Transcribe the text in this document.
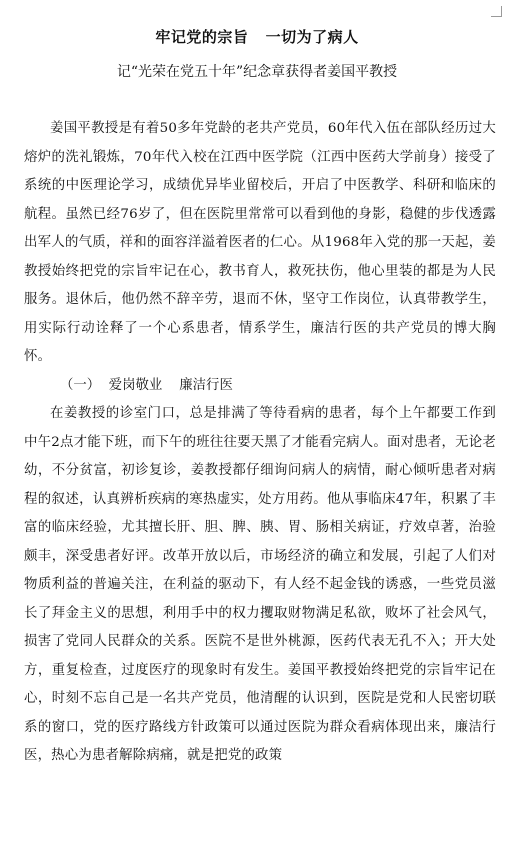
牢记党的宗旨   一切为了病人
记“光荣在党五十年”纪念章获得者姜国平教授

姜国平教授是有着50多年党龄的老共产党员，60年代入伍在部队经历过大熔炉的洗礼锻炼，70年代入校在江西中医学院（江西中医药大学前身）接受了系统的中医理论学习，成绩优异毕业留校后，开启了中医教学、科研和临床的航程。虽然已经76岁了，但在医院里常常可以看到他的身影，稳健的步伐透露出军人的气质，祥和的面容洋溢着医者的仁心。从1968年入党的那一天起，姜教授始终把党的宗旨牢记在心，教书育人，救死扶伤，他心里装的都是为人民服务。退休后，他仍然不辞辛劳，退而不休，坚守工作岗位，认真带教学生，用实际行动诠释了一个心系患者，情系学生，廉洁行医的共产党员的博大胸怀。

（一）  爱岗敬业    廉洁行医

在姜教授的诊室门口，总是排满了等待看病的患者，每个上午都要工作到中午2点才能下班，而下午的班往往要天黑了才能看完病人。面对患者，无论老幼，不分贫富，初诊复诊，姜教授都仔细询问病人的病情，耐心倾听患者对病程的叙述，认真辨析疾病的寒热虚实，处方用药。他从事临床47年，积累了丰富的临床经验，尤其擅长肝、胆、脾、胰、胃、肠相关病证，疗效卓著，治验颇丰，深受患者好评。改革开放以后，市场经济的确立和发展，引起了人们对物质利益的普遍关注，在利益的驱动下，有人经不起金钱的诱惑，一些党员滋长了拜金主义的思想，利用手中的权力攫取财物满足私欲，败坏了社会风气，损害了党同人民群众的关系。医院不是世外桃源，医药代表无孔不入；开大处方，重复检查，过度医疗的现象时有发生。姜国平教授始终把党的宗旨牢记在心，时刻不忘自己是一名共产党员，他清醒的认识到，医院是党和人民密切联系的窗口，党的医疗路线方针政策可以通过医院为群众看病体现出来，廉洁行医，热心为患者解除病痛，就是把党的政策
